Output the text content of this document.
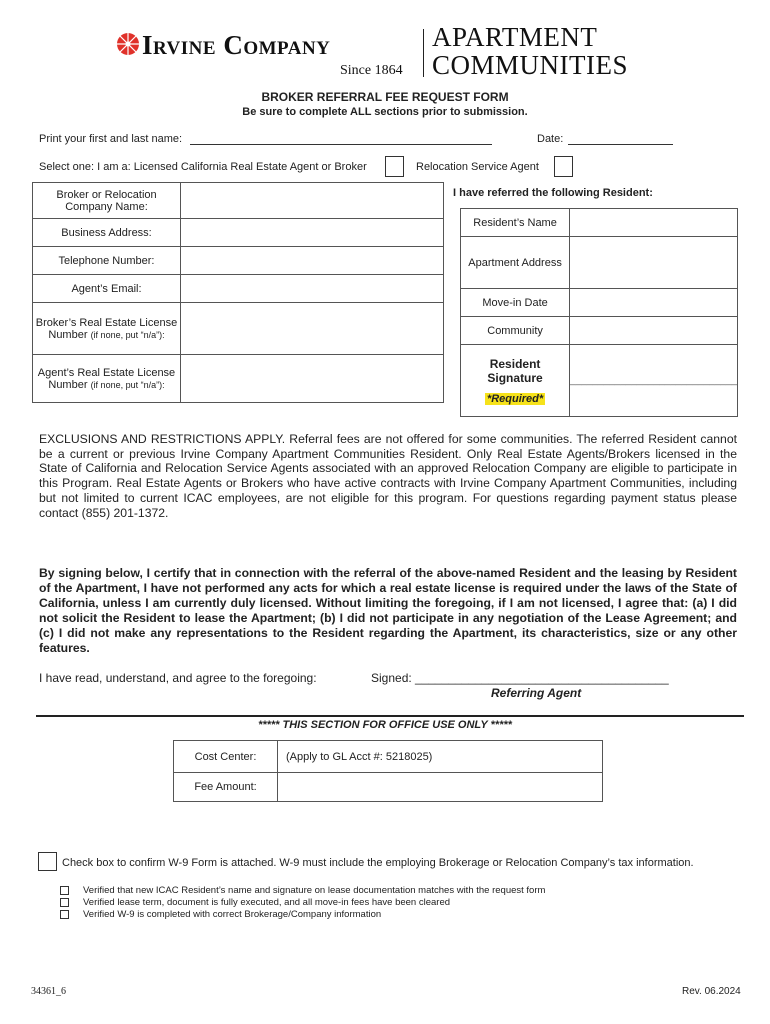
Irvine Company
Since 1864
APARTMENT
COMMUNITIES
BROKER REFERRAL FEE REQUEST FORM
Be sure to complete ALL sections prior to submission.
Print your first and last name:	Date:
Select one: I am a: Licensed California Real Estate Agent or Broker	Relocation Service Agent
Broker or Relocation Company Name:	
Business Address:	
Telephone Number:	
Agent’s Email:	
Broker’s Real Estate License Number (if none, put “n/a”):	
Agent’s Real Estate License Number (if none, put “n/a”):	
I have referred the following Resident:
Resident’s Name	
Apartment Address	
Move-in Date	
Community	

Resident Signature
*Required*	______________________________
EXCLUSIONS AND RESTRICTIONS APPLY. Referral fees are not offered for some communities. The referred Resident cannot be a current or previous Irvine Company Apartment Communities Resident. Only Real Estate Agents/Brokers licensed in the State of California and Relocation Service Agents associated with an approved Relocation Company are eligible to participate in this Program. Real Estate Agents or Brokers who have active contracts with Irvine Company Apartment Communities, including but not limited to current ICAC employees, are not eligible for this program. For questions regarding payment status please contact (855) 201-1372.
By signing below, I certify that in connection with the referral of the above-named Resident and the leasing by Resident of the Apartment, I have not performed any acts for which a real estate license is required under the laws of the State of California, unless I am currently duly licensed. Without limiting the foregoing, if I am not licensed, I agree that: (a) I did not solicit the Resident to lease the Apartment; (b) I did not participate in any negotiation of the Lease Agreement; and (c) I did not make any representations to the Resident regarding the Apartment, its characteristics, size or any other features.
I have read, understand, and agree to the foregoing:	Signed: ______________________________________
Referring Agent
***** THIS SECTION FOR OFFICE USE ONLY *****
Cost Center:	(Apply to GL Acct #: 5218025)
Fee Amount:	
Check box to confirm W-9 Form is attached. W-9 must include the employing Brokerage or Relocation Company’s tax information.
Verified that new ICAC Resident’s name and signature on lease documentation matches with the request form
Verified lease term, document is fully executed, and all move-in fees have been cleared
Verified W-9 is completed with correct Brokerage/Company information
34361_6	Rev. 06.2024
